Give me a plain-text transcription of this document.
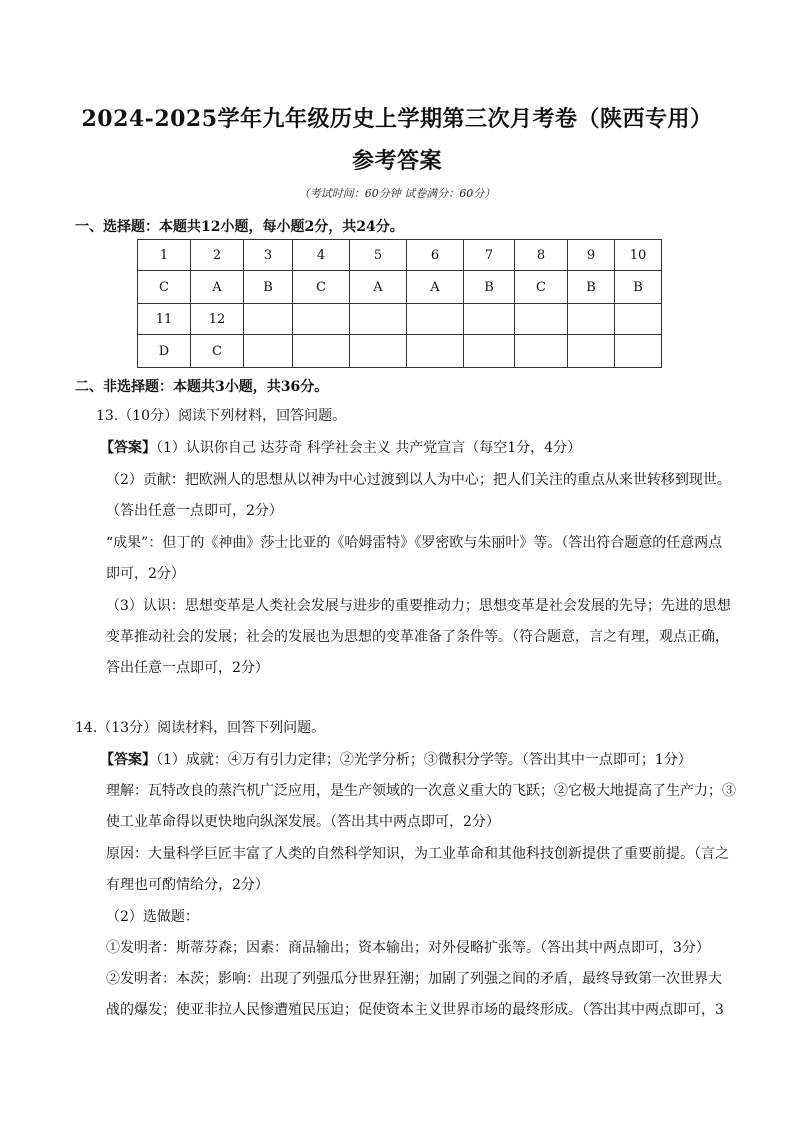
2024-2025学年九年级历史上学期第三次月考卷（陕西专用）
参考答案
（考试时间：60分钟 试卷满分：60分）
一、选择题：本题共12小题，每小题2分，共24分。
1	2	3	4	5	6	7	8	9	10
C	A	B	C	A	A	B	C	B	B
11	12								
D	C								
二、非选择题：本题共3小题，共36分。
13.（10分）阅读下列材料，回答问题。
【答案】（1）认识你自己 达芬奇 科学社会主义 共产党宣言（每空1分，4分）
（2）贡献：把欧洲人的思想从以神为中心过渡到以人为中心；把人们关注的重点从来世转移到现世。
（答出任意一点即可，2分）
“成果”：但丁的《神曲》莎士比亚的《哈姆雷特》《罗密欧与朱丽叶》等。（答出符合题意的任意两点
即可，2分）
（3）认识：思想变革是人类社会发展与进步的重要推动力；思想变革是社会发展的先导；先进的思想
变革推动社会的发展；社会的发展也为思想的变革准备了条件等。（符合题意，言之有理，观点正确，
答出任意一点即可，2分）
14.（13分）阅读材料，回答下列问题。
【答案】（1）成就：④万有引力定律；②光学分析；③微积分学等。（答出其中一点即可；1分）
理解：瓦特改良的蒸汽机广泛应用，是生产领域的一次意义重大的飞跃；②它极大地提高了生产力；③
使工业革命得以更快地向纵深发展。（答出其中两点即可，2分）
原因：大量科学巨匠丰富了人类的自然科学知识，为工业革命和其他科技创新提供了重要前提。（言之
有理也可酌情给分，2分）
（2）选做题：
①发明者：斯蒂芬森；因素：商品输出；资本输出；对外侵略扩张等。（答出其中两点即可，3分）
②发明者：本茨；影响：出现了列强瓜分世界狂潮；加剧了列强之间的矛盾，最终导致第一次世界大
战的爆发；使亚非拉人民惨遭殖民压迫；促使资本主义世界市场的最终形成。（答出其中两点即可，3
